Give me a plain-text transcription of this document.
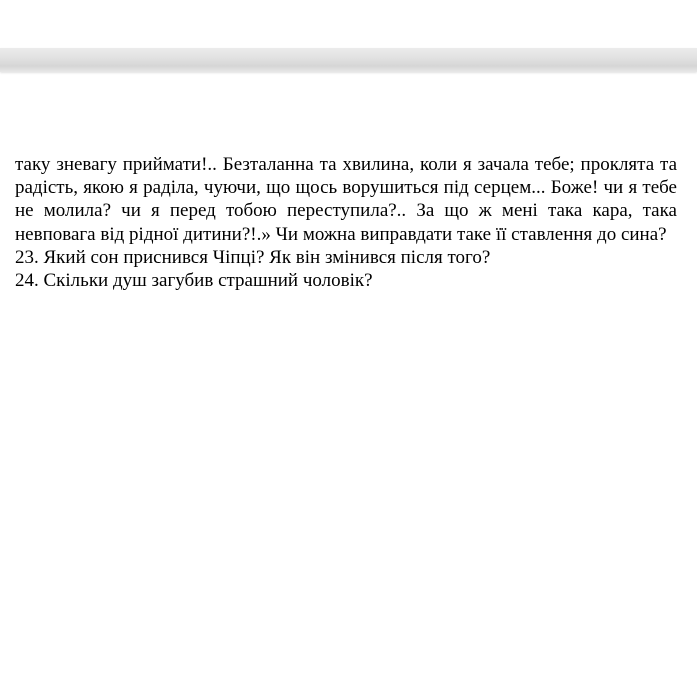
таку зневагу приймати!.. Безталанна та хвилина, коли я зачала тебе; проклята та радість, якою я раділа, чуючи, що щось ворушиться під серцем... Боже! чи я тебе не молила? чи я перед тобою переступила?.. За що ж мені така кара, така невповага від рідної дитини?!.» Чи можна виправдати таке її ставлення до сина?

23. Який сон приснився Чіпці? Як він змінився після того?

24. Скільки душ загубив страшний чоловік?
